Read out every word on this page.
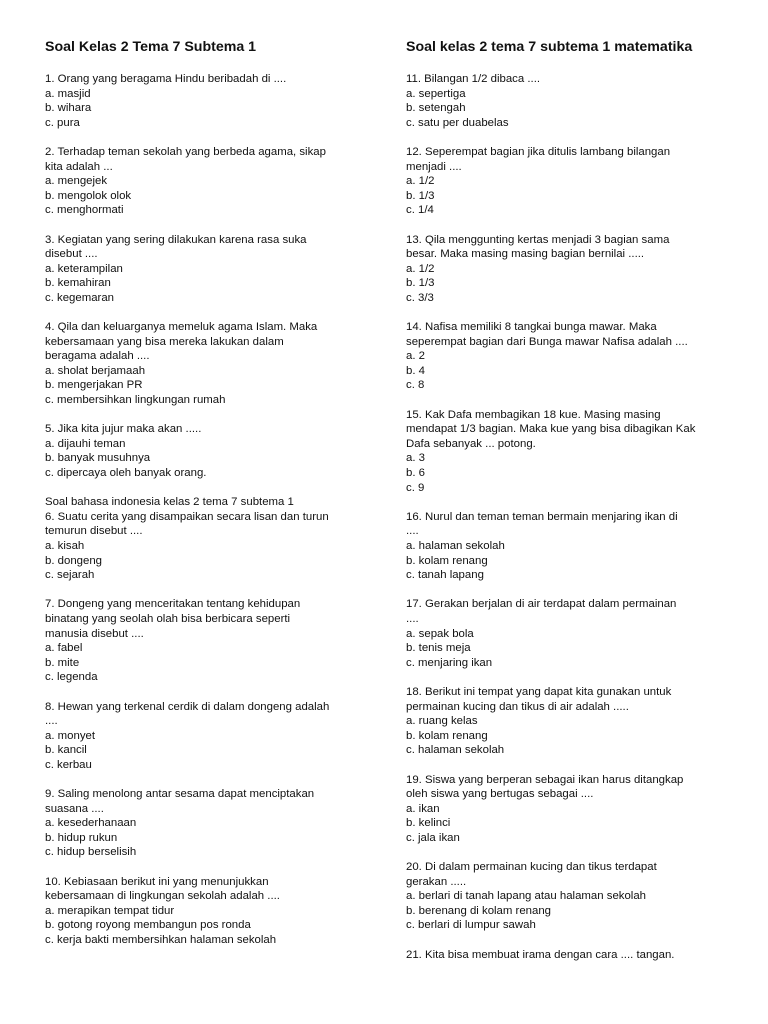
Soal Kelas 2 Tema 7 Subtema 1
1. Orang yang beragama Hindu beribadah di ....
a. masjid
b. wihara
c. pura
2. Terhadap teman sekolah yang berbeda agama, sikap
kita adalah ...
a. mengejek
b. mengolok olok
c. menghormati
3. Kegiatan yang sering dilakukan karena rasa suka
disebut ....
a. keterampilan
b. kemahiran
c. kegemaran
4. Qila dan keluarganya memeluk agama Islam. Maka
kebersamaan yang bisa mereka lakukan dalam
beragama adalah ....
a. sholat berjamaah
b. mengerjakan PR
c. membersihkan lingkungan rumah
5. Jika kita jujur maka akan .....
a. dijauhi teman
b. banyak musuhnya
c. dipercaya oleh banyak orang.
Soal bahasa indonesia kelas 2 tema 7 subtema 1
6. Suatu cerita yang disampaikan secara lisan dan turun
temurun disebut ....
a. kisah
b. dongeng
c. sejarah
7. Dongeng yang menceritakan tentang kehidupan
binatang yang seolah olah bisa berbicara seperti
manusia disebut ....
a. fabel
b. mite
c. legenda
8. Hewan yang terkenal cerdik di dalam dongeng adalah
....
a. monyet
b. kancil
c. kerbau
9. Saling menolong antar sesama dapat menciptakan
suasana ....
a. kesederhanaan
b. hidup rukun
c. hidup berselisih
10. Kebiasaan berikut ini yang menunjukkan
kebersamaan di lingkungan sekolah adalah ....
a. merapikan tempat tidur
b. gotong royong membangun pos ronda
c. kerja bakti membersihkan halaman sekolah
Soal kelas 2 tema 7 subtema 1 matematika
11. Bilangan 1/2 dibaca ....
a. sepertiga
b. setengah
c. satu per duabelas
12. Seperempat bagian jika ditulis lambang bilangan
menjadi ....
a. 1/2
b. 1/3
c. 1/4
13. Qila menggunting kertas menjadi 3 bagian sama
besar. Maka masing masing bagian bernilai .....
a. 1/2
b. 1/3
c. 3/3
14. Nafisa memiliki 8 tangkai bunga mawar. Maka
seperempat bagian dari Bunga mawar Nafisa adalah ....
a. 2
b. 4
c. 8
15. Kak Dafa membagikan 18 kue. Masing masing
mendapat 1/3 bagian. Maka kue yang bisa dibagikan Kak
Dafa sebanyak ... potong.
a. 3
b. 6
c. 9
16. Nurul dan teman teman bermain menjaring ikan di
....
a. halaman sekolah
b. kolam renang
c. tanah lapang
17. Gerakan berjalan di air terdapat dalam permainan
....
a. sepak bola
b. tenis meja
c. menjaring ikan
18. Berikut ini tempat yang dapat kita gunakan untuk
permainan kucing dan tikus di air adalah .....
a. ruang kelas
b. kolam renang
c. halaman sekolah
19. Siswa yang berperan sebagai ikan harus ditangkap
oleh siswa yang bertugas sebagai ....
a. ikan
b. kelinci
c. jala ikan
20. Di dalam permainan kucing dan tikus terdapat
gerakan .....
a. berlari di tanah lapang atau halaman sekolah
b. berenang di kolam renang
c. berlari di lumpur sawah
21. Kita bisa membuat irama dengan cara .... tangan.
